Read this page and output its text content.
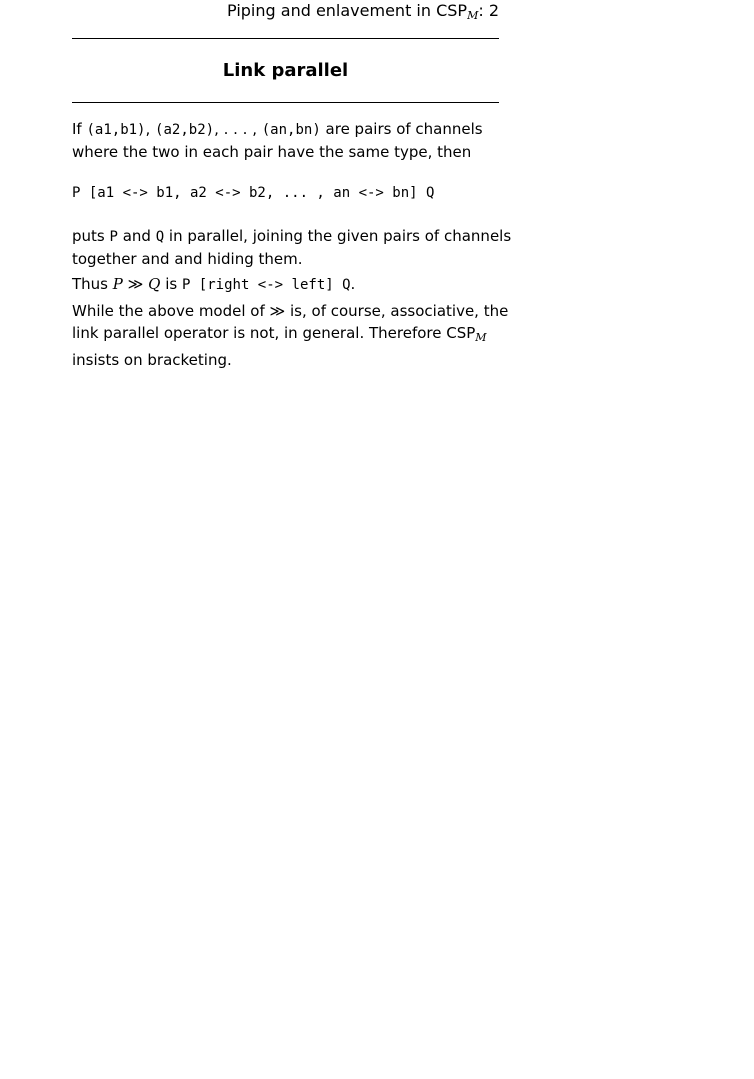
Piping and enlavement in $CSP_M$: 2
Link parallel
If (a1,b1), (a2,b2), . . . , (an,bn) are pairs of channels
where the two in each pair have the same type, then
P [a1 <-> b1, a2 <-> b2, ... , an <-> bn] Q
puts P and Q in parallel, joining the given pairs of channels
together and and hiding them.
Thus P ≫ Q is P [right <-> left] Q.
While the above model of ≫ is, of course, associative, the
link parallel operator is not, in general. Therefore $CSP_M$
insists on bracketing.
